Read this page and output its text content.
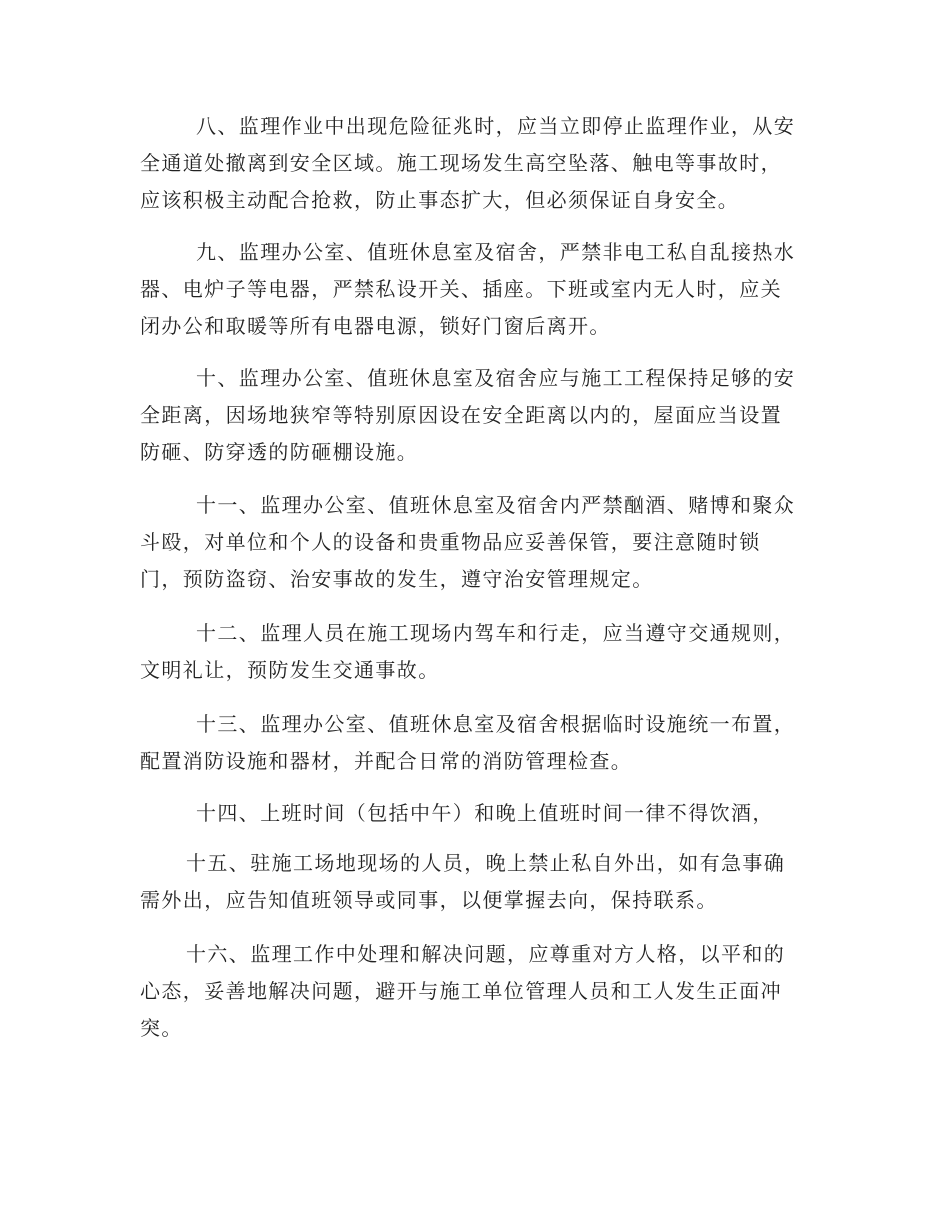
八、监理作业中出现危险征兆时，应当立即停止监理作业，从安
全通道处撤离到安全区域。施工现场发生高空坠落、触电等事故时，
应该积极主动配合抢救，防止事态扩大，但必须保证自身安全。
九、监理办公室、值班休息室及宿舍，严禁非电工私自乱接热水
器、电炉子等电器，严禁私设开关、插座。下班或室内无人时，应关
闭办公和取暖等所有电器电源，锁好门窗后离开。
十、监理办公室、值班休息室及宿舍应与施工工程保持足够的安
全距离，因场地狭窄等特别原因设在安全距离以内的，屋面应当设置
防砸、防穿透的防砸棚设施。
十一、监理办公室、值班休息室及宿舍内严禁酗酒、赌博和聚众
斗殴，对单位和个人的设备和贵重物品应妥善保管，要注意随时锁
门，预防盗窃、治安事故的发生，遵守治安管理规定。
十二、监理人员在施工现场内驾车和行走，应当遵守交通规则，
文明礼让，预防发生交通事故。
十三、监理办公室、值班休息室及宿舍根据临时设施统一布置，
配置消防设施和器材，并配合日常的消防管理检查。
十四、上班时间（包括中午）和晚上值班时间一律不得饮酒，
十五、驻施工场地现场的人员，晚上禁止私自外出，如有急事确
需外出，应告知值班领导或同事，以便掌握去向，保持联系。
十六、监理工作中处理和解决问题，应尊重对方人格，以平和的
心态，妥善地解决问题，避开与施工单位管理人员和工人发生正面冲
突。
